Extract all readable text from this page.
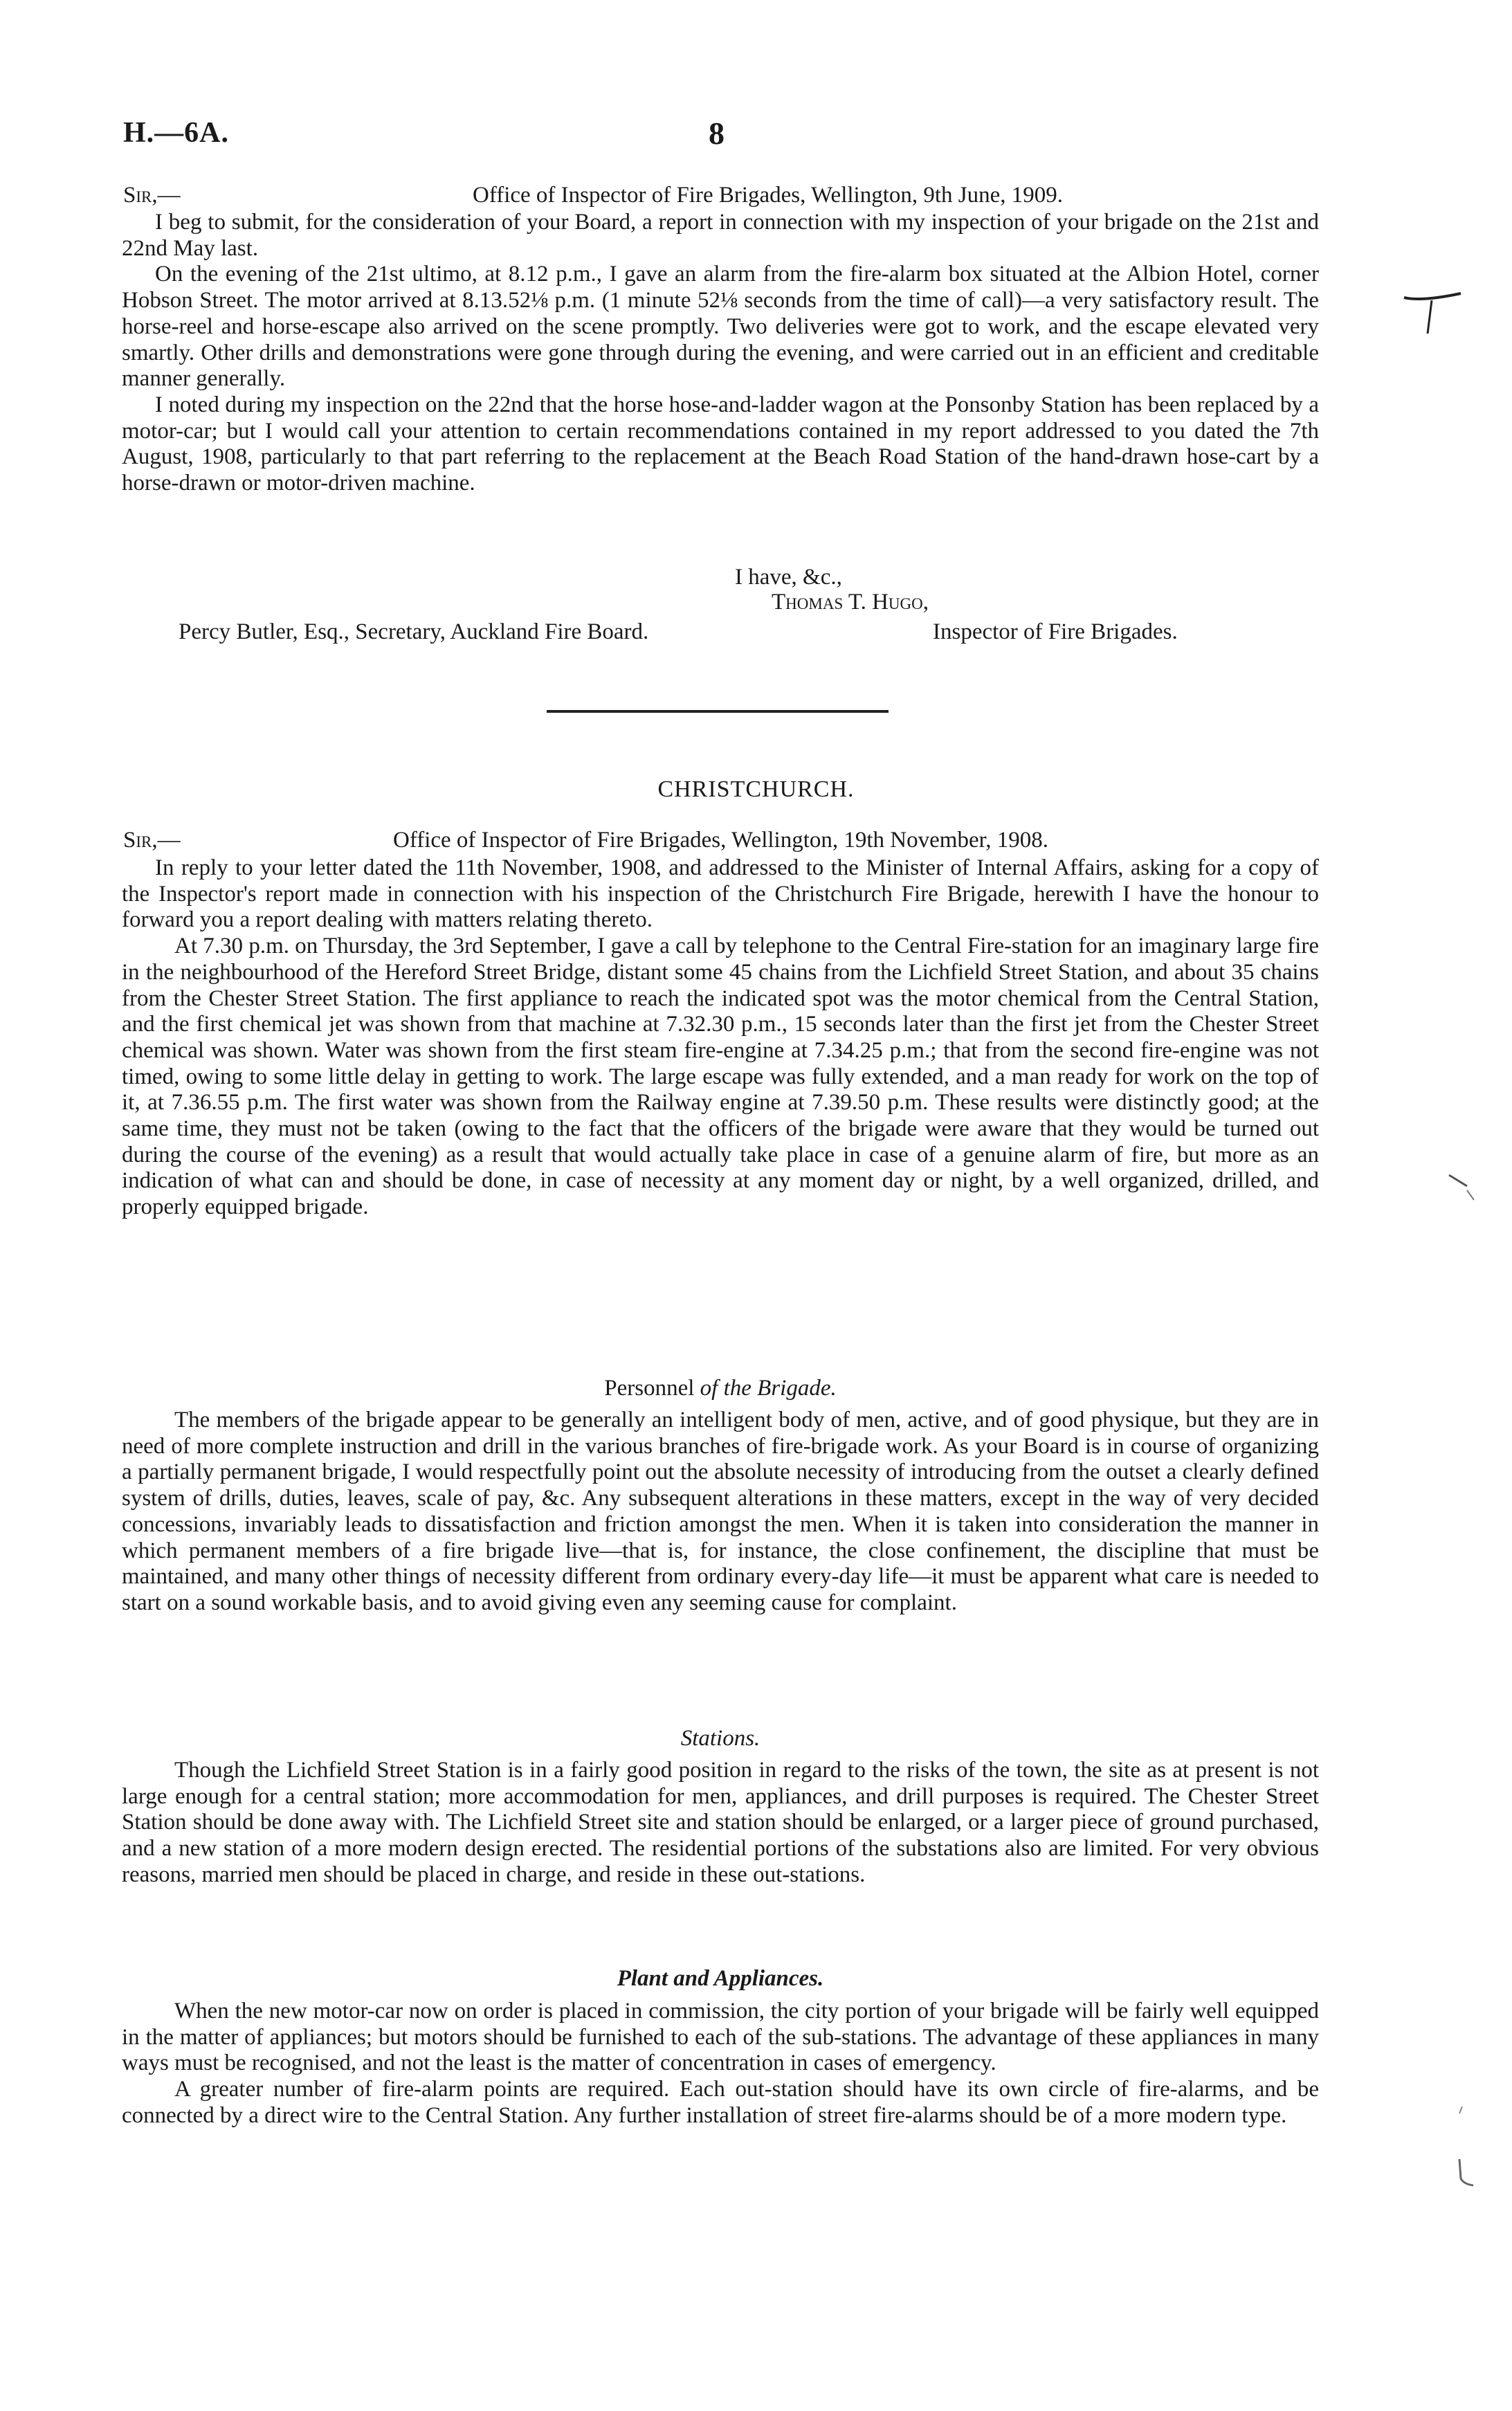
H.—6A.	8
Sir,—	Office of Inspector of Fire Brigades, Wellington, 9th June, 1909.

I beg to submit, for the consideration of your Board, a report in connection with my inspection of your brigade on the 21st and 22nd May last.

On the evening of the 21st ultimo, at 8.12 p.m., I gave an alarm from the fire-alarm box situated at the Albion Hotel, corner Hobson Street. The motor arrived at 8.13.52⅛ p.m. (1 minute 52⅛ seconds from the time of call)—a very satisfactory result. The horse-reel and horse-escape also arrived on the scene promptly. Two deliveries were got to work, and the escape elevated very smartly. Other drills and demonstrations were gone through during the evening, and were carried out in an efficient and creditable manner generally.

I noted during my inspection on the 22nd that the horse hose-and-ladder wagon at the Ponsonby Station has been replaced by a motor-car; but I would call your attention to certain recommendations contained in my report addressed to you dated the 7th August, 1908, particularly to that part referring to the replacement at the Beach Road Station of the hand-drawn hose-cart by a horse-drawn or motor-driven machine.

I have, &c.,
Thomas T. Hugo,
Percy Butler, Esq., Secretary, Auckland Fire Board.	Inspector of Fire Brigades.
CHRISTCHURCH.
Sir,—	Office of Inspector of Fire Brigades, Wellington, 19th November, 1908.

In reply to your letter dated the 11th November, 1908, and addressed to the Minister of Internal Affairs, asking for a copy of the Inspector's report made in connection with his inspection of the Christchurch Fire Brigade, herewith I have the honour to forward you a report dealing with matters relating thereto.

At 7.30 p.m. on Thursday, the 3rd September, I gave a call by telephone to the Central Fire-station for an imaginary large fire in the neighbourhood of the Hereford Street Bridge, distant some 45 chains from the Lichfield Street Station, and about 35 chains from the Chester Street Station. The first appliance to reach the indicated spot was the motor chemical from the Central Station, and the first chemical jet was shown from that machine at 7.32.30 p.m., 15 seconds later than the first jet from the Chester Street chemical was shown. Water was shown from the first steam fire-engine at 7.34.25 p.m.; that from the second fire-engine was not timed, owing to some little delay in getting to work. The large escape was fully extended, and a man ready for work on the top of it, at 7.36.55 p.m. The first water was shown from the Railway engine at 7.39.50 p.m. These results were distinctly good; at the same time, they must not be taken (owing to the fact that the officers of the brigade were aware that they would be turned out during the course of the evening) as a result that would actually take place in case of a genuine alarm of fire, but more as an indication of what can and should be done, in case of necessity at any moment day or night, by a well organized, drilled, and properly equipped brigade.

Personnel of the Brigade.

The members of the brigade appear to be generally an intelligent body of men, active, and of good physique, but they are in need of more complete instruction and drill in the various branches of fire-brigade work. As your Board is in course of organizing a partially permanent brigade, I would respectfully point out the absolute necessity of introducing from the outset a clearly defined system of drills, duties, leaves, scale of pay, &c. Any subsequent alterations in these matters, except in the way of very decided concessions, invariably leads to dissatisfaction and friction amongst the men. When it is taken into consideration the manner in which permanent members of a fire brigade live—that is, for instance, the close confinement, the discipline that must be maintained, and many other things of necessity different from ordinary every-day life—it must be apparent what care is needed to start on a sound workable basis, and to avoid giving even any seeming cause for complaint.

Stations.

Though the Lichfield Street Station is in a fairly good position in regard to the risks of the town, the site as at present is not large enough for a central station; more accommodation for men, appliances, and drill purposes is required. The Chester Street Station should be done away with. The Lichfield Street site and station should be enlarged, or a larger piece of ground purchased, and a new station of a more modern design erected. The residential portions of the substations also are limited. For very obvious reasons, married men should be placed in charge, and reside in these out-stations.

Plant and Appliances.

When the new motor-car now on order is placed in commission, the city portion of your brigade will be fairly well equipped in the matter of appliances; but motors should be furnished to each of the sub-stations. The advantage of these appliances in many ways must be recognised, and not the least is the matter of concentration in cases of emergency.

A greater number of fire-alarm points are required. Each out-station should have its own circle of fire-alarms, and be connected by a direct wire to the Central Station. Any further installation of street fire-alarms should be of a more modern type.
